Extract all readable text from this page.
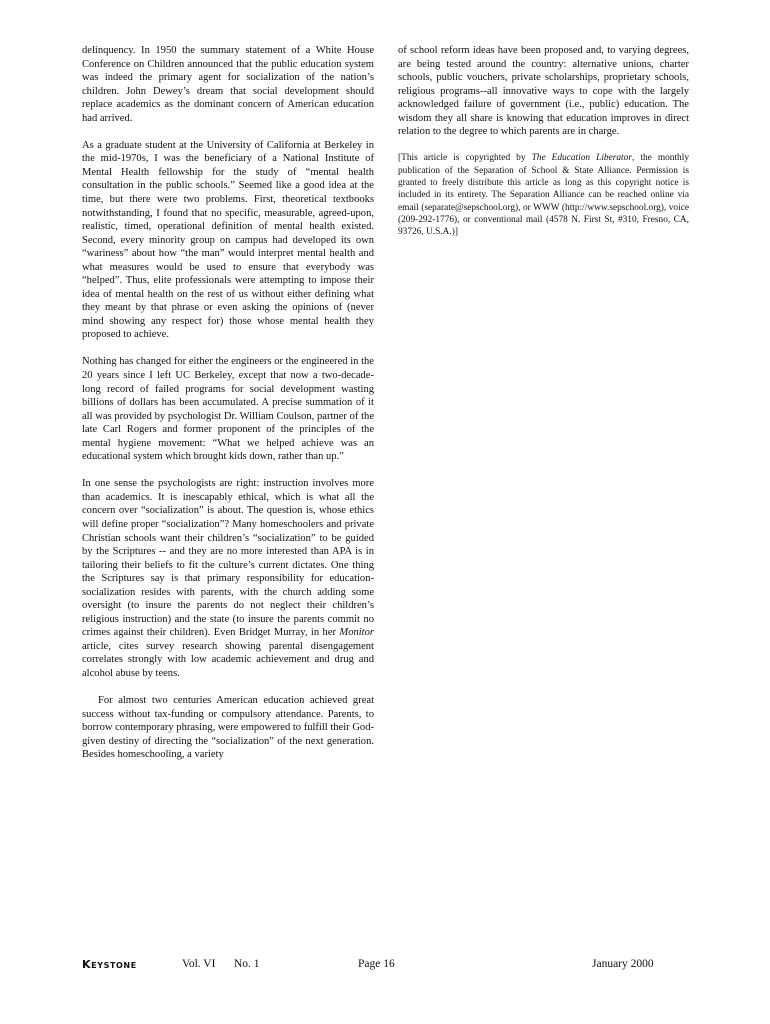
delinquency. In 1950 the summary statement of a White House Conference on Children announced that the public education system was indeed the primary agent for socialization of the nation’s children. John Dewey’s dream that social development should replace academics as the dominant concern of American education had arrived.

As a graduate student at the University of California at Berkeley in the mid-1970s, I was the beneficiary of a National Institute of Mental Health fellowship for the study of “mental health consultation in the public schools.” Seemed like a good idea at the time, but there were two problems. First, theoretical textbooks notwithstanding, I found that no specific, measurable, agreed-upon, realistic, timed, operational definition of mental health existed. Second, every minority group on campus had developed its own “wariness” about how “the man” would interpret mental health and what measures would be used to ensure that everybody was “helped”. Thus, elite professionals were attempting to impose their idea of mental health on the rest of us without either defining what they meant by that phrase or even asking the opinions of (never mind showing any respect for) those whose mental health they proposed to achieve.

Nothing has changed for either the engineers or the engineered in the 20 years since I left UC Berkeley, except that now a two-decade-long record of failed programs for social development wasting billions of dollars has been accumulated. A precise summation of it all was provided by psychologist Dr. William Coulson, partner of the late Carl Rogers and former proponent of the principles of the mental hygiene movement: “What we helped achieve was an educational system which brought kids down, rather than up.”

In one sense the psychologists are right: instruction involves more than academics. It is inescapably ethical, which is what all the concern over “socialization” is about. The question is, whose ethics will define proper “socialization”? Many homeschoolers and private Christian schools want their children’s “socialization” to be guided by the Scriptures -- and they are no more interested than APA is in tailoring their beliefs to fit the culture’s current dictates. One thing the Scriptures say is that primary responsibility for education-socialization resides with parents, with the church adding some oversight (to insure the parents do not neglect their children’s religious instruction) and the state (to insure the parents commit no crimes against their children). Even Bridget Murray, in her Monitor article, cites survey research showing parental disengagement correlates strongly with low academic achievement and drug and alcohol abuse by teens.

For almost two centuries American education achieved great success without tax-funding or compulsory attendance. Parents, to borrow contemporary phrasing, were empowered to fulfill their God-given destiny of directing the “socialization” of the next generation. Besides homeschooling, a variety

of school reform ideas have been proposed and, to varying degrees, are being tested around the country: alternative unions, charter schools, public vouchers, private scholarships, proprietary schools, religious programs--all innovative ways to cope with the largely acknowledged failure of government (i.e., public) education. The wisdom they all share is knowing that education improves in direct relation to the degree to which parents are in charge.

[This article is copyrighted by The Education Liberator, the monthly publication of the Separation of School & State Alliance. Permission is granted to freely distribute this article as long as this copyright notice is included in its entirety. The Separation Alliance can be reached online via email (separate@sepschool.org), or WWW (http://www.sepschool.org), voice (209-292-1776), or conventional mail (4578 N. First St, #310, Fresno, CA, 93726, U.S.A.)]

Keystone	Vol. VI No. 1	Page 16	January 2000
